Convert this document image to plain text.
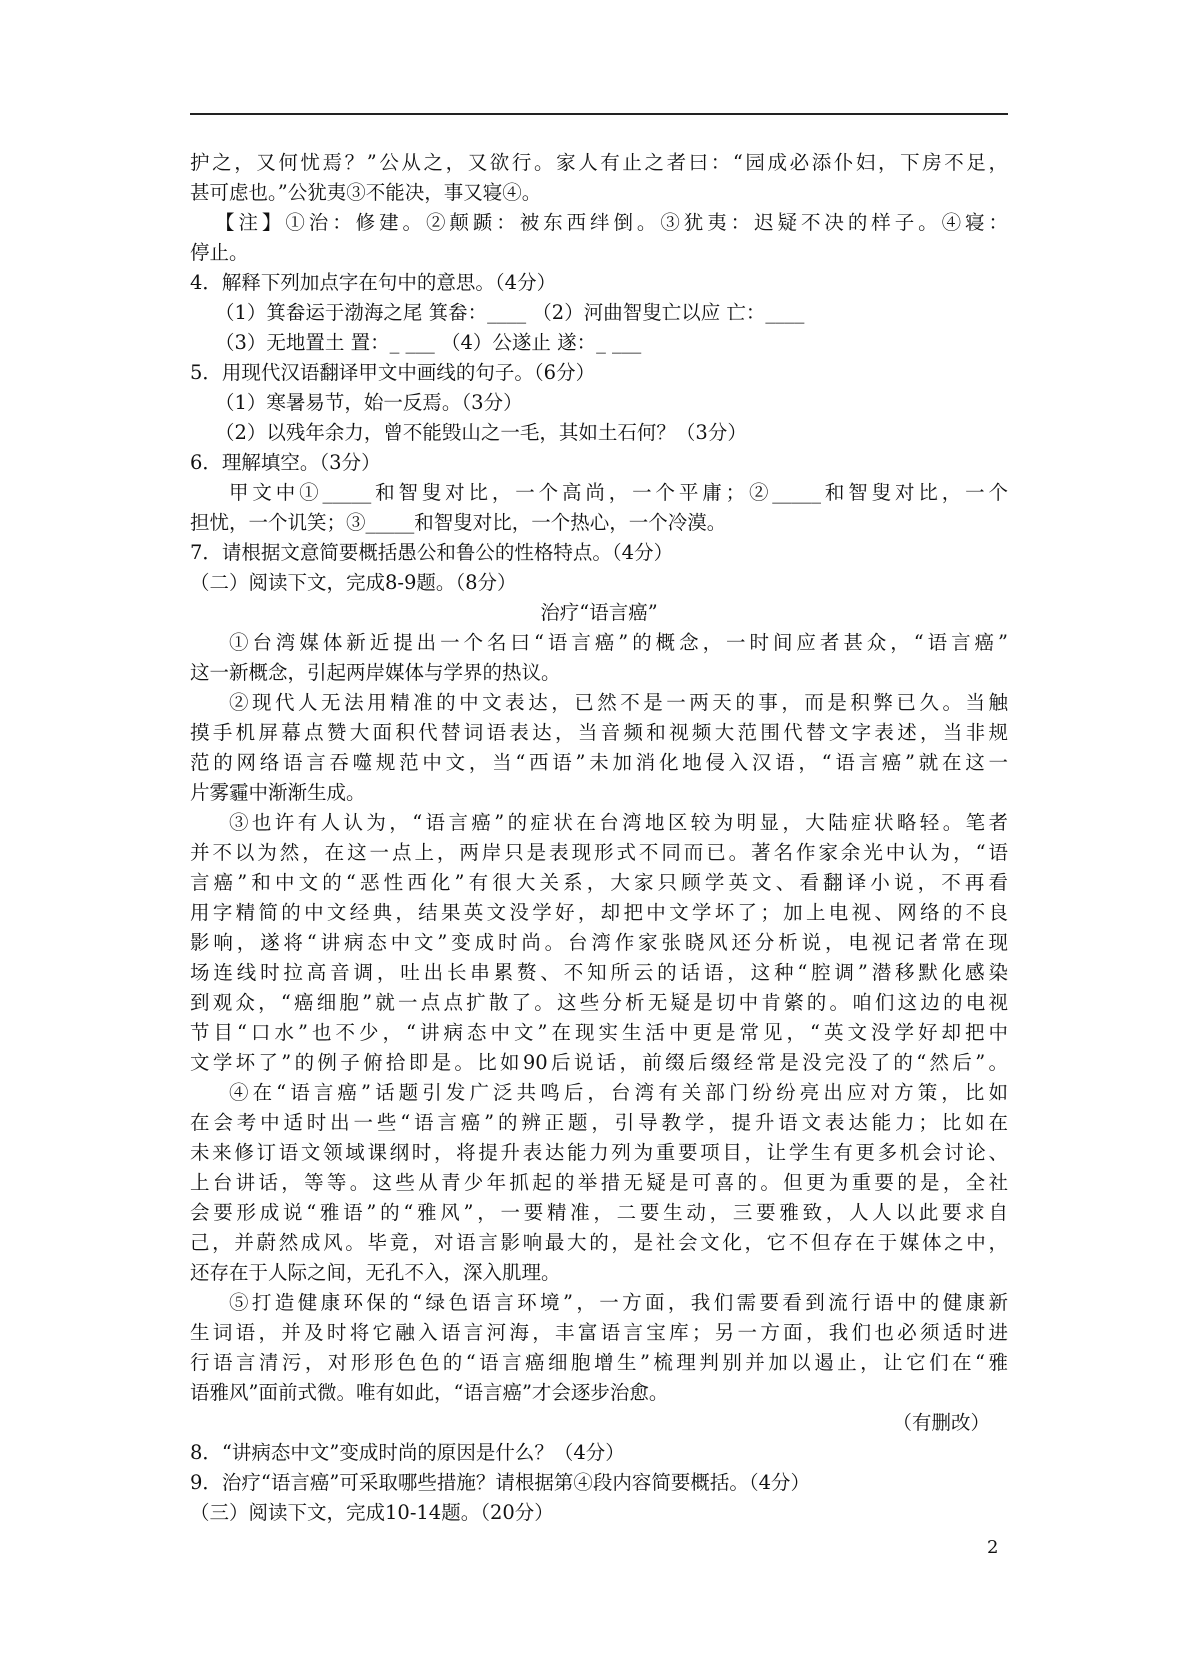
护之，又何忧焉？”公从之，又欲行。家人有止之者曰：“园成必添仆妇，下房不足，
甚可虑也。”公犹夷③不能决，事又寝④。
【注】①治：修建。②颠踬：被东西绊倒。③犹夷：迟疑不决的样子。④寝：
停止。
4．解释下列加点字在句中的意思。（4分）
（1）箕畚运于渤海之尾 箕畚：____ （2）河曲智叟亡以应 亡：____
（3）无地置土 置：_ ___ （4）公遂止 遂：_ ___
5．用现代汉语翻译甲文中画线的句子。（6分）
（1）寒暑易节，始一反焉。（3分）
（2）以残年余力，曾不能毁山之一毛，其如土石何？（3分）
6．理解填空。（3分）
甲文中①_____和智叟对比，一个高尚，一个平庸；②_____和智叟对比，一个
担忧，一个讥笑；③_____和智叟对比，一个热心，一个冷漠。
7．请根据文意简要概括愚公和鲁公的性格特点。（4分）
（二）阅读下文，完成8-9题。（8分）
治疗“语言癌”
①台湾媒体新近提出一个名曰“语言癌”的概念，一时间应者甚众，“语言癌”
这一新概念，引起两岸媒体与学界的热议。
②现代人无法用精准的中文表达，已然不是一两天的事，而是积弊已久。当触
摸手机屏幕点赞大面积代替词语表达，当音频和视频大范围代替文字表述，当非规
范的网络语言吞噬规范中文，当“西语”未加消化地侵入汉语，“语言癌”就在这一
片雾霾中渐渐生成。
③也许有人认为，“语言癌”的症状在台湾地区较为明显，大陆症状略轻。笔者
并不以为然，在这一点上，两岸只是表现形式不同而已。著名作家余光中认为，“语
言癌”和中文的“恶性西化”有很大关系，大家只顾学英文、看翻译小说，不再看
用字精简的中文经典，结果英文没学好，却把中文学坏了；加上电视、网络的不良
影响，遂将“讲病态中文”变成时尚。台湾作家张晓风还分析说，电视记者常在现
场连线时拉高音调，吐出长串累赘、不知所云的话语，这种“腔调”潜移默化感染
到观众，“癌细胞”就一点点扩散了。这些分析无疑是切中肯綮的。咱们这边的电视
节目“口水”也不少，“讲病态中文”在现实生活中更是常见，“英文没学好却把中
文学坏了”的例子俯拾即是。比如90后说话，前缀后缀经常是没完没了的“然后”。
④在“语言癌”话题引发广泛共鸣后，台湾有关部门纷纷亮出应对方策，比如
在会考中适时出一些“语言癌”的辨正题，引导教学，提升语文表达能力；比如在
未来修订语文领域课纲时，将提升表达能力列为重要项目，让学生有更多机会讨论、
上台讲话，等等。这些从青少年抓起的举措无疑是可喜的。但更为重要的是，全社
会要形成说“雅语”的“雅风”，一要精准，二要生动，三要雅致，人人以此要求自
己，并蔚然成风。毕竟，对语言影响最大的，是社会文化，它不但存在于媒体之中，
还存在于人际之间，无孔不入，深入肌理。
⑤打造健康环保的“绿色语言环境”，一方面，我们需要看到流行语中的健康新
生词语，并及时将它融入语言河海，丰富语言宝库；另一方面，我们也必须适时进
行语言清污，对形形色色的“语言癌细胞增生”梳理判别并加以遏止，让它们在“雅
语雅风”面前式微。唯有如此，“语言癌”才会逐步治愈。
（有删改）
8．“讲病态中文”变成时尚的原因是什么？（4分）
9．治疗“语言癌”可采取哪些措施？请根据第④段内容简要概括。（4分）
（三）阅读下文，完成10-14题。（20分）
2
